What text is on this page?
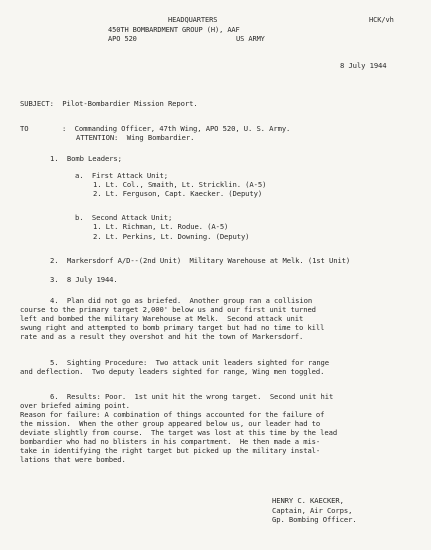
HEADQUARTERS
450TH BOMBARDMENT GROUP (H), AAF
APO 520	US ARMY
HCK/vh
8 July 1944
SUBJECT:  Pilot-Bombardier Mission Report.
TO	:  Commanding Officer, 47th Wing, APO 520, U. S. Army.
ATTENTION:  Wing Bombardier.
1.  Bomb Leaders;
a.  First Attack Unit;
1. Lt. Col., Smaith, Lt. Stricklin. (A-5)
2. Lt. Ferguson, Capt. Kaecker. (Deputy)
b.  Second Attack Unit;
1. Lt. Richman, Lt. Rodue. (A-5)
2. Lt. Perkins, Lt. Downing. (Deputy)
2.  Markersdorf A/D--(2nd Unit)  Military Warehouse at Melk. (1st Unit)
3.  8 July 1944.
4.  Plan did not go as briefed.  Another group ran a collision
course to the primary target 2,000' below us and our first unit turned
left and bombed the military Warehouse at Melk.  Second attack unit
swung right and attempted to bomb primary target but had no time to kill
rate and as a result they overshot and hit the town of Markersdorf.
5.  Sighting Procedure:  Two attack unit leaders sighted for range
and deflection.  Two deputy leaders sighted for range, Wing men toggled.
6.  Results: Poor.  1st unit hit the wrong target.  Second unit hit
over briefed aiming point.
Reason for failure: A combination of things accounted for the failure of
the mission.  When the other group appeared below us, our leader had to
deviate slightly from course.  The target was lost at this time by the lead
bombardier who had no blisters in his compartment.  He then made a mis-
take in identifying the right target but picked up the military instal-
lations that were bombed.
HENRY C. KAECKER,
Captain, Air Corps,
Gp. Bombing Officer.
